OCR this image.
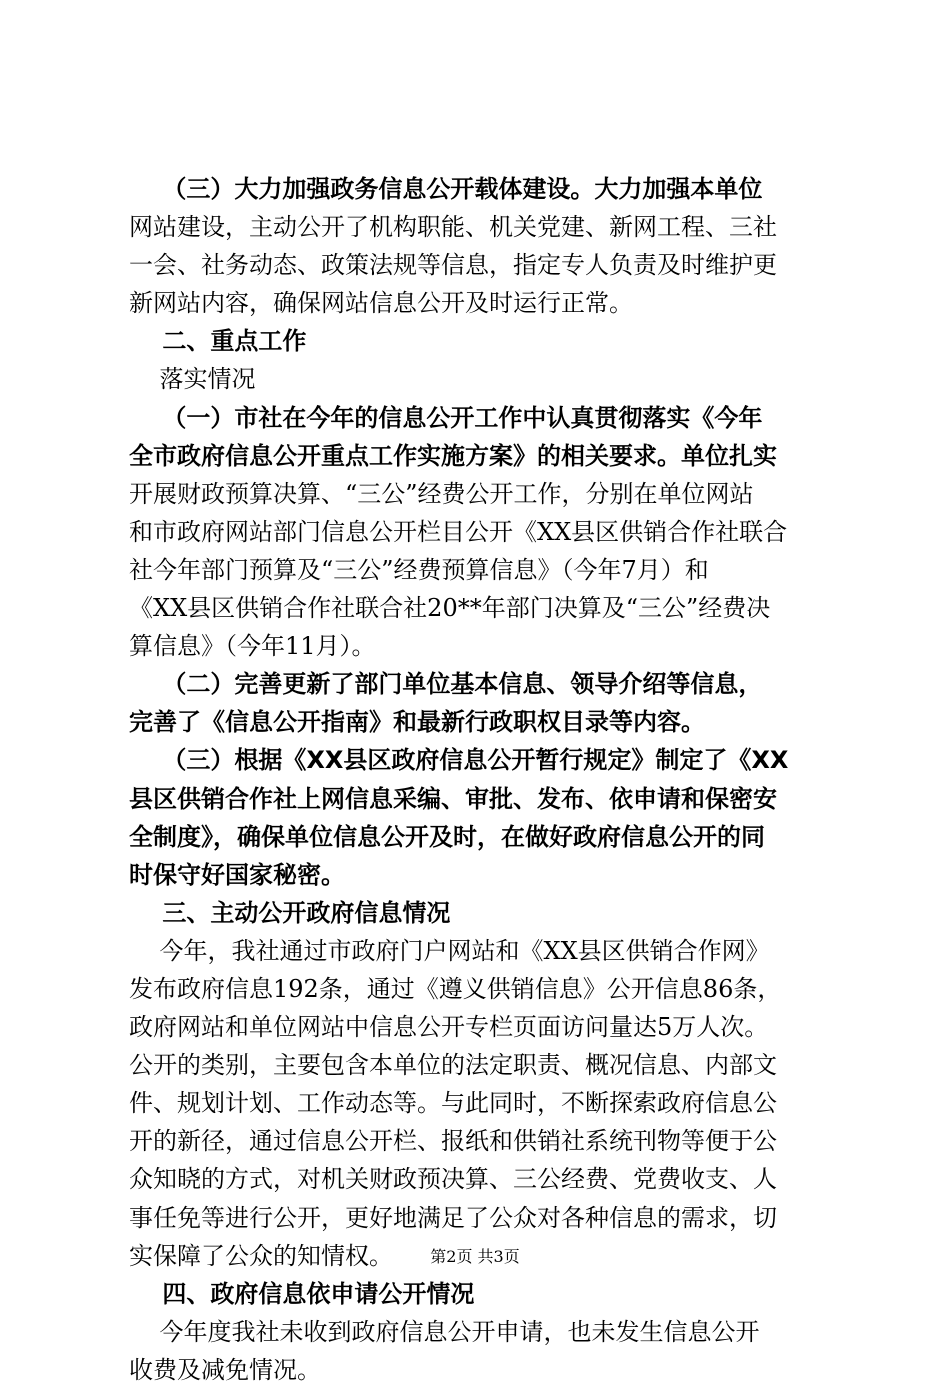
（三）大力加强政务信息公开载体建设。大力加强本单位
网站建设，主动公开了机构职能、机关党建、新网工程、三社
一会、社务动态、政策法规等信息，指定专人负责及时维护更
新网站内容，确保网站信息公开及时运行正常。
二、重点工作
落实情况
（一）市社在今年的信息公开工作中认真贯彻落实《今年
全市政府信息公开重点工作实施方案》的相关要求。单位扎实
开展财政预算决算、“三公”经费公开工作，分别在单位网站
和市政府网站部门信息公开栏目公开《XX县区供销合作社联合
社今年部门预算及“三公”经费预算信息》（今年7月）和
《XX县区供销合作社联合社20**年部门决算及“三公”经费决
算信息》（今年11月）。
（二）完善更新了部门单位基本信息、领导介绍等信息，
完善了《信息公开指南》和最新行政职权目录等内容。
（三）根据《XX县区政府信息公开暂行规定》制定了《XX
县区供销合作社上网信息采编、审批、发布、依申请和保密安
全制度》，确保单位信息公开及时，在做好政府信息公开的同
时保守好国家秘密。
三、主动公开政府信息情况
今年，我社通过市政府门户网站和《XX县区供销合作网》
发布政府信息192条，通过《遵义供销信息》公开信息86条，
政府网站和单位网站中信息公开专栏页面访问量达5万人次。
公开的类别，主要包含本单位的法定职责、概况信息、内部文
件、规划计划、工作动态等。与此同时，不断探索政府信息公
开的新径，通过信息公开栏、报纸和供销社系统刊物等便于公
众知晓的方式，对机关财政预决算、三公经费、党费收支、人
事任免等进行公开，更好地满足了公众对各种信息的需求，切
实保障了公众的知情权。
四、政府信息依申请公开情况
今年度我社未收到政府信息公开申请，也未发生信息公开
收费及减免情况。
第2页 共3页
